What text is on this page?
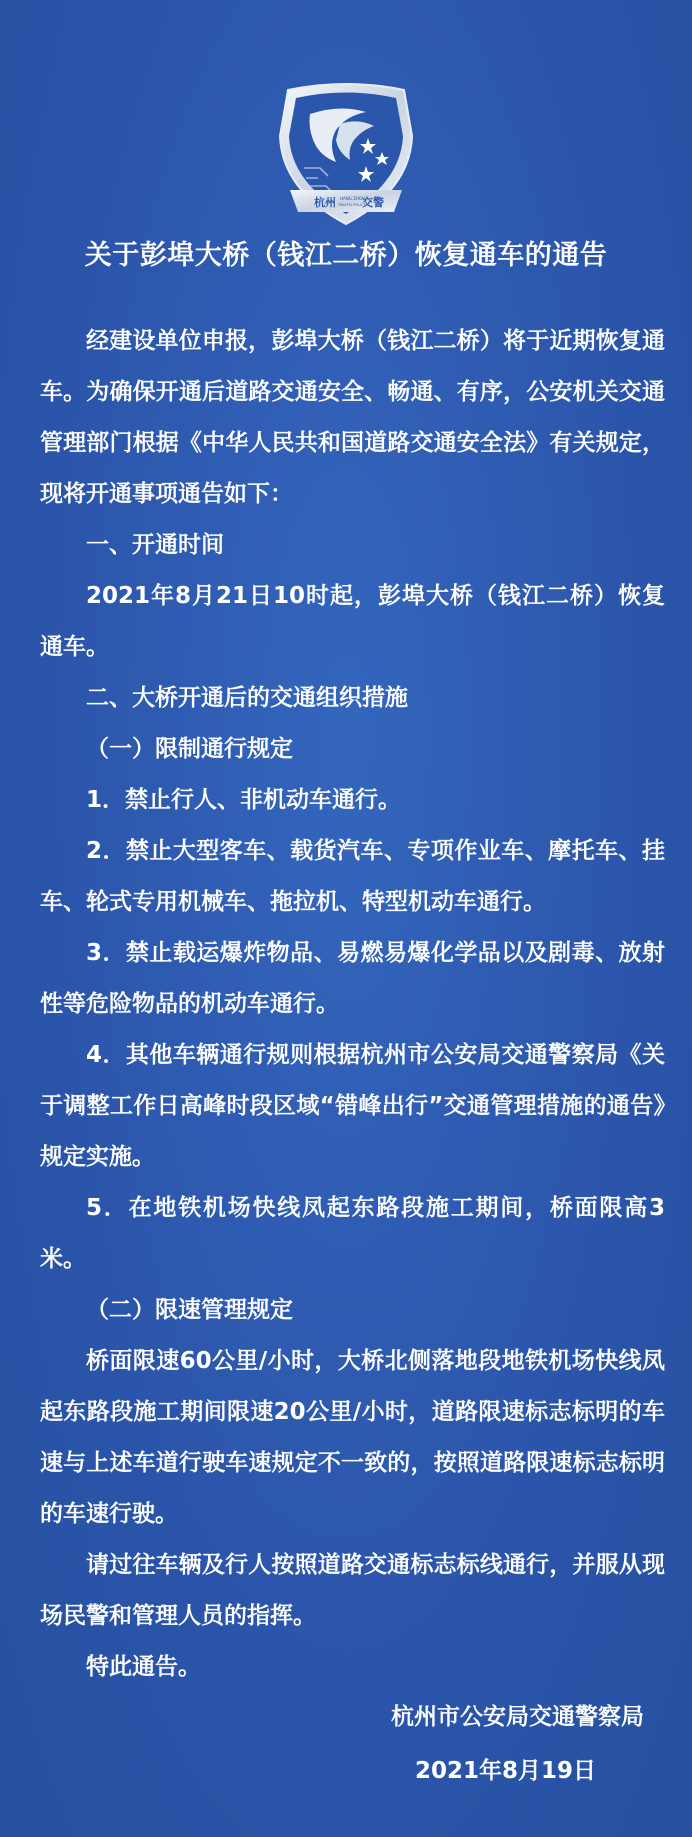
杭州 交警
HANG ZHOU
TRAFFIC POLICE
关于彭埠大桥（钱江二桥）恢复通车的通告

经建设单位申报，彭埠大桥（钱江二桥）将于近期恢复通车。为确保开通后道路交通安全、畅通、有序，公安机关交通管理部门根据《中华人民共和国道路交通安全法》有关规定，现将开通事项通告如下：

一、开通时间

2021年8月21日10时起，彭埠大桥（钱江二桥）恢复通车。

二、大桥开通后的交通组织措施

（一）限制通行规定

1．禁止行人、非机动车通行。

2．禁止大型客车、载货汽车、专项作业车、摩托车、挂车、轮式专用机械车、拖拉机、特型机动车通行。

3．禁止载运爆炸物品、易燃易爆化学品以及剧毒、放射性等危险物品的机动车通行。

4．其他车辆通行规则根据杭州市公安局交通警察局《关于调整工作日高峰时段区域“错峰出行”交通管理措施的通告》规定实施。

5．在地铁机场快线凤起东路段施工期间，桥面限高3米。

（二）限速管理规定

桥面限速60公里/小时，大桥北侧落地段地铁机场快线凤起东路段施工期间限速20公里/小时，道路限速标志标明的车速与上述车道行驶车速规定不一致的，按照道路限速标志标明的车速行驶。

请过往车辆及行人按照道路交通标志标线通行，并服从现场民警和管理人员的指挥。

特此通告。

杭州市公安局交通警察局
2021年8月19日
